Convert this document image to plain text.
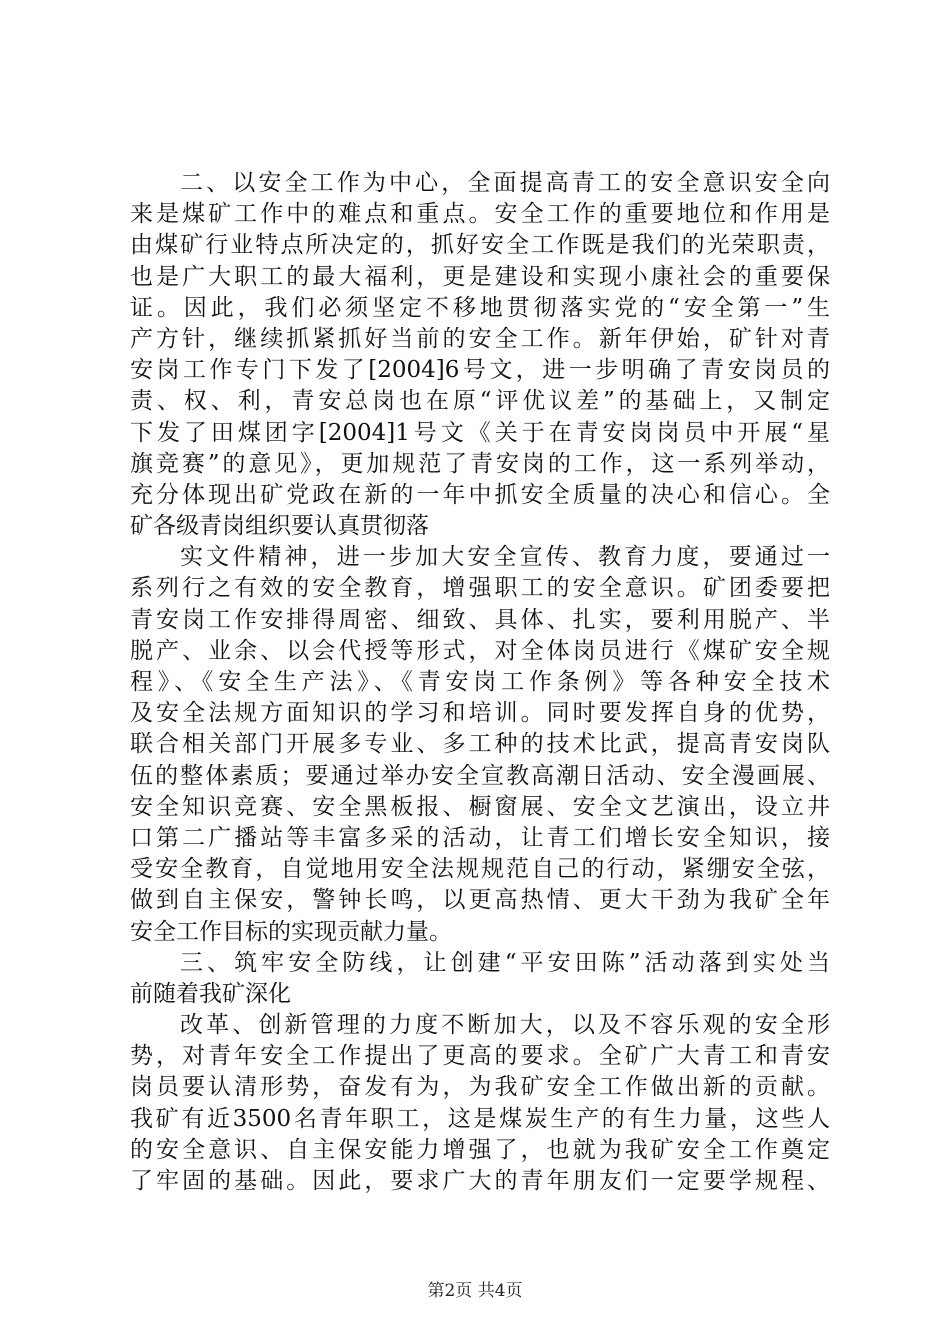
二、以安全工作为中心，全面提高青工的安全意识安全向
来是煤矿工作中的难点和重点。安全工作的重要地位和作用是
由煤矿行业特点所决定的，抓好安全工作既是我们的光荣职责，
也是广大职工的最大福利，更是建设和实现小康社会的重要保
证。因此，我们必须坚定不移地贯彻落实党的“安全第一”生
产方针，继续抓紧抓好当前的安全工作。新年伊始，矿针对青
安岗工作专门下发了[2004]6号文，进一步明确了青安岗员的
责、权、利，青安总岗也在原“评优议差”的基础上，又制定
下发了田煤团字[2004]1号文《关于在青安岗岗员中开展“星
旗竞赛”的意见》，更加规范了青安岗的工作，这一系列举动，
充分体现出矿党政在新的一年中抓安全质量的决心和信心。全
矿各级青岗组织要认真贯彻落
实文件精神，进一步加大安全宣传、教育力度，要通过一
系列行之有效的安全教育，增强职工的安全意识。矿团委要把
青安岗工作安排得周密、细致、具体、扎实，要利用脱产、半
脱产、业余、以会代授等形式，对全体岗员进行《煤矿安全规
程》、《安全生产法》、《青安岗工作条例》等各种安全技术
及安全法规方面知识的学习和培训。同时要发挥自身的优势，
联合相关部门开展多专业、多工种的技术比武，提高青安岗队
伍的整体素质；要通过举办安全宣教高潮日活动、安全漫画展、
安全知识竞赛、安全黑板报、橱窗展、安全文艺演出，设立井
口第二广播站等丰富多采的活动，让青工们增长安全知识，接
受安全教育，自觉地用安全法规规范自己的行动，紧绷安全弦，
做到自主保安，警钟长鸣，以更高热情、更大干劲为我矿全年
安全工作目标的实现贡献力量。
三、筑牢安全防线，让创建“平安田陈”活动落到实处当
前随着我矿深化
改革、创新管理的力度不断加大，以及不容乐观的安全形
势，对青年安全工作提出了更高的要求。全矿广大青工和青安
岗员要认清形势，奋发有为，为我矿安全工作做出新的贡献。
我矿有近3500名青年职工，这是煤炭生产的有生力量，这些人
的安全意识、自主保安能力增强了，也就为我矿安全工作奠定
了牢固的基础。因此，要求广大的青年朋友们一定要学规程、
第2页 共4页
